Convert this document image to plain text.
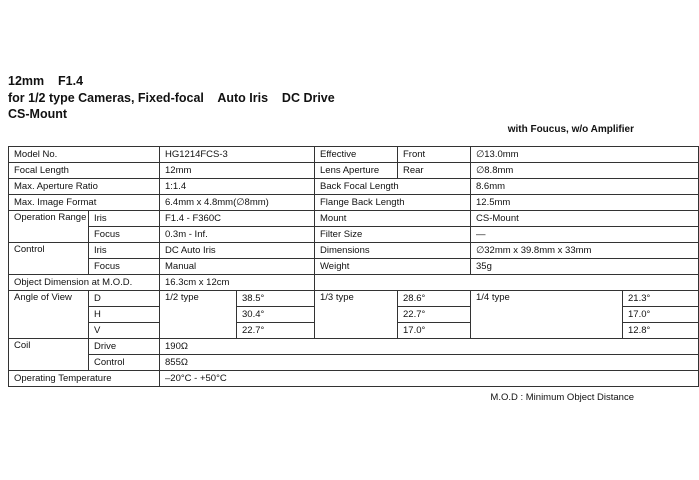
12mm    F1.4
for 1/2 type Cameras, Fixed-focal    Auto Iris    DC Drive
CS-Mount
with Foucus, w/o Amplifier
Model No.		HG1214FCS-3		Effective	Front	∅13.0mm	
Focal Length		12mm		Lens Aperture	Rear	∅8.8mm	
Max. Aperture Ratio		1:1.4		Back Focal Length		8.6mm	
Max. Image Format		6.4mm x 4.8mm(∅8mm)		Flange Back Length		12.5mm	
Operation Range	Iris	F1.4 - F360C		Mount		CS-Mount	
	Focus	0.3m - Inf.		Filter Size		—	
Control	Iris	DC Auto Iris		Dimensions		∅32mm x 39.8mm x 33mm	
	Focus	Manual		Weight		35g	
Object Dimension at M.O.D.		16.3cm x 12cm					
Angle of View	D	1/2 type	38.5°	1/3 type	28.6°	1/4 type	21.3°
	H		30.4°		22.7°		17.0°
	V		22.7°		17.0°		12.8°
Coil	Drive	190Ω					
	Control	855Ω					
Operating Temperature		–20°C - +50°C					
M.O.D : Minimum Object Distance
